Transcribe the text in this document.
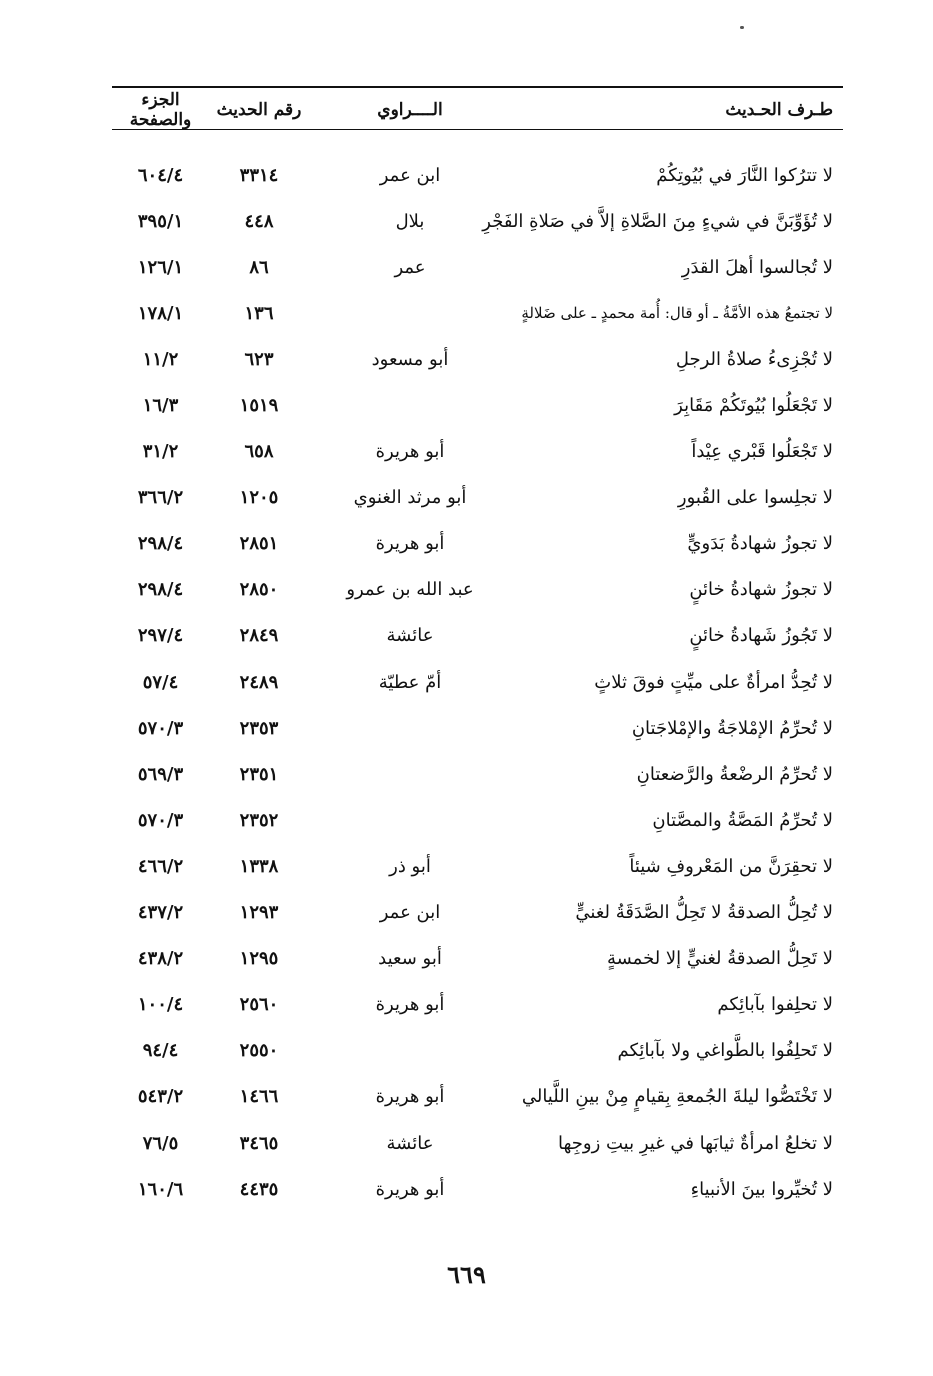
طـرف الحـديث
الــــراوي
رقم الحديث
الجزء والصفحة
لا تترُكوا النَّارَ في بُيُوتِكُمْ
ابن عمر
٣٣١٤
٦٠٤/٤
لا تُؤَوِّبَنَّ في شيءٍ مِنَ الصَّلاةِ إلاَّ في صَلاةِ الفَجْرِ
بلال
٤٤٨
٣٩٥/١
لا تُجالسوا أهلَ القدَرِ
عمر
٨٦
١٢٦/١
لا تجتمعُ هذه الأمَّةُ ـ أو قال: أُمة محمدٍ ـ على ضَلالةٍ
١٣٦
١٧٨/١
لا تُجْزِىءُ صلاةُ الرجلِ
أبو مسعود
٦٢٣
١١/٢
لا تَجْعَلُوا بُيُوتَكُمْ مَقَابِرَ
١٥١٩
١٦/٣
لا تَجْعَلُوا قَبْري عِيْداً
أبو هريرة
٦٥٨
٣١/٢
لا تجلِسوا على القُبورِ
أبو مرثد الغنوي
١٢٠٥
٣٦٦/٢
لا تجوزُ شهادةُ بَدَويٍّ
أبو هريرة
٢٨٥١
٢٩٨/٤
لا تجوزُ شهادةُ خائنٍ
عبد الله بن عمرو
٢٨٥٠
٢٩٨/٤
لا تَجُوزُ شَهادةُ خائنٍ
عائشة
٢٨٤٩
٢٩٧/٤
لا تُحِدُّ امرأةٌ على ميِّتٍ فوقَ ثلاثٍ
أمّ عطيّة
٢٤٨٩
٥٧/٤
لا تُحرِّمُ الإمْلاجَةُ والإمْلاجَتانِ
٢٣٥٣
٥٧٠/٣
لا تُحرِّمُ الرضْعةُ والرَّضعتانِ
٢٣٥١
٥٦٩/٣
لا تُحرِّمُ المَصَّةُ والمصَّتانِ
٢٣٥٢
٥٧٠/٣
لا تحقِرَنَّ من المَعْروفِ شيئاً
أبو ذر
١٣٣٨
٤٦٦/٢
لا تُحِلُّ الصدقةُ لا تَحِلُّ الصَّدَقَةُ لغنيٍّ
ابن عمر
١٢٩٣
٤٣٧/٢
لا تَحِلُّ الصدقةُ لغنيٍّ إلا لخمسةٍ
أبو سعيد
١٢٩٥
٤٣٨/٢
لا تحلِفوا بآبائِكم
أبو هريرة
٢٥٦٠
١٠٠/٤
لا تَحلِفُوا بالطَّواغي ولا بآبائِكم
٢٥٥٠
٩٤/٤
لا تَخْتَصُّوا ليلةَ الجُمعةِ بِقيامٍ مِنْ بينِ اللَّيالي
أبو هريرة
١٤٦٦
٥٤٣/٢
لا تخلعُ امرأةٌ ثيابَها في غيرِ بيتِ زوجِها
عائشة
٣٤٦٥
٧٦/٥
لا تُخيِّروا بينَ الأنبياءِ
أبو هريرة
٤٤٣٥
١٦٠/٦
٦٦٩
